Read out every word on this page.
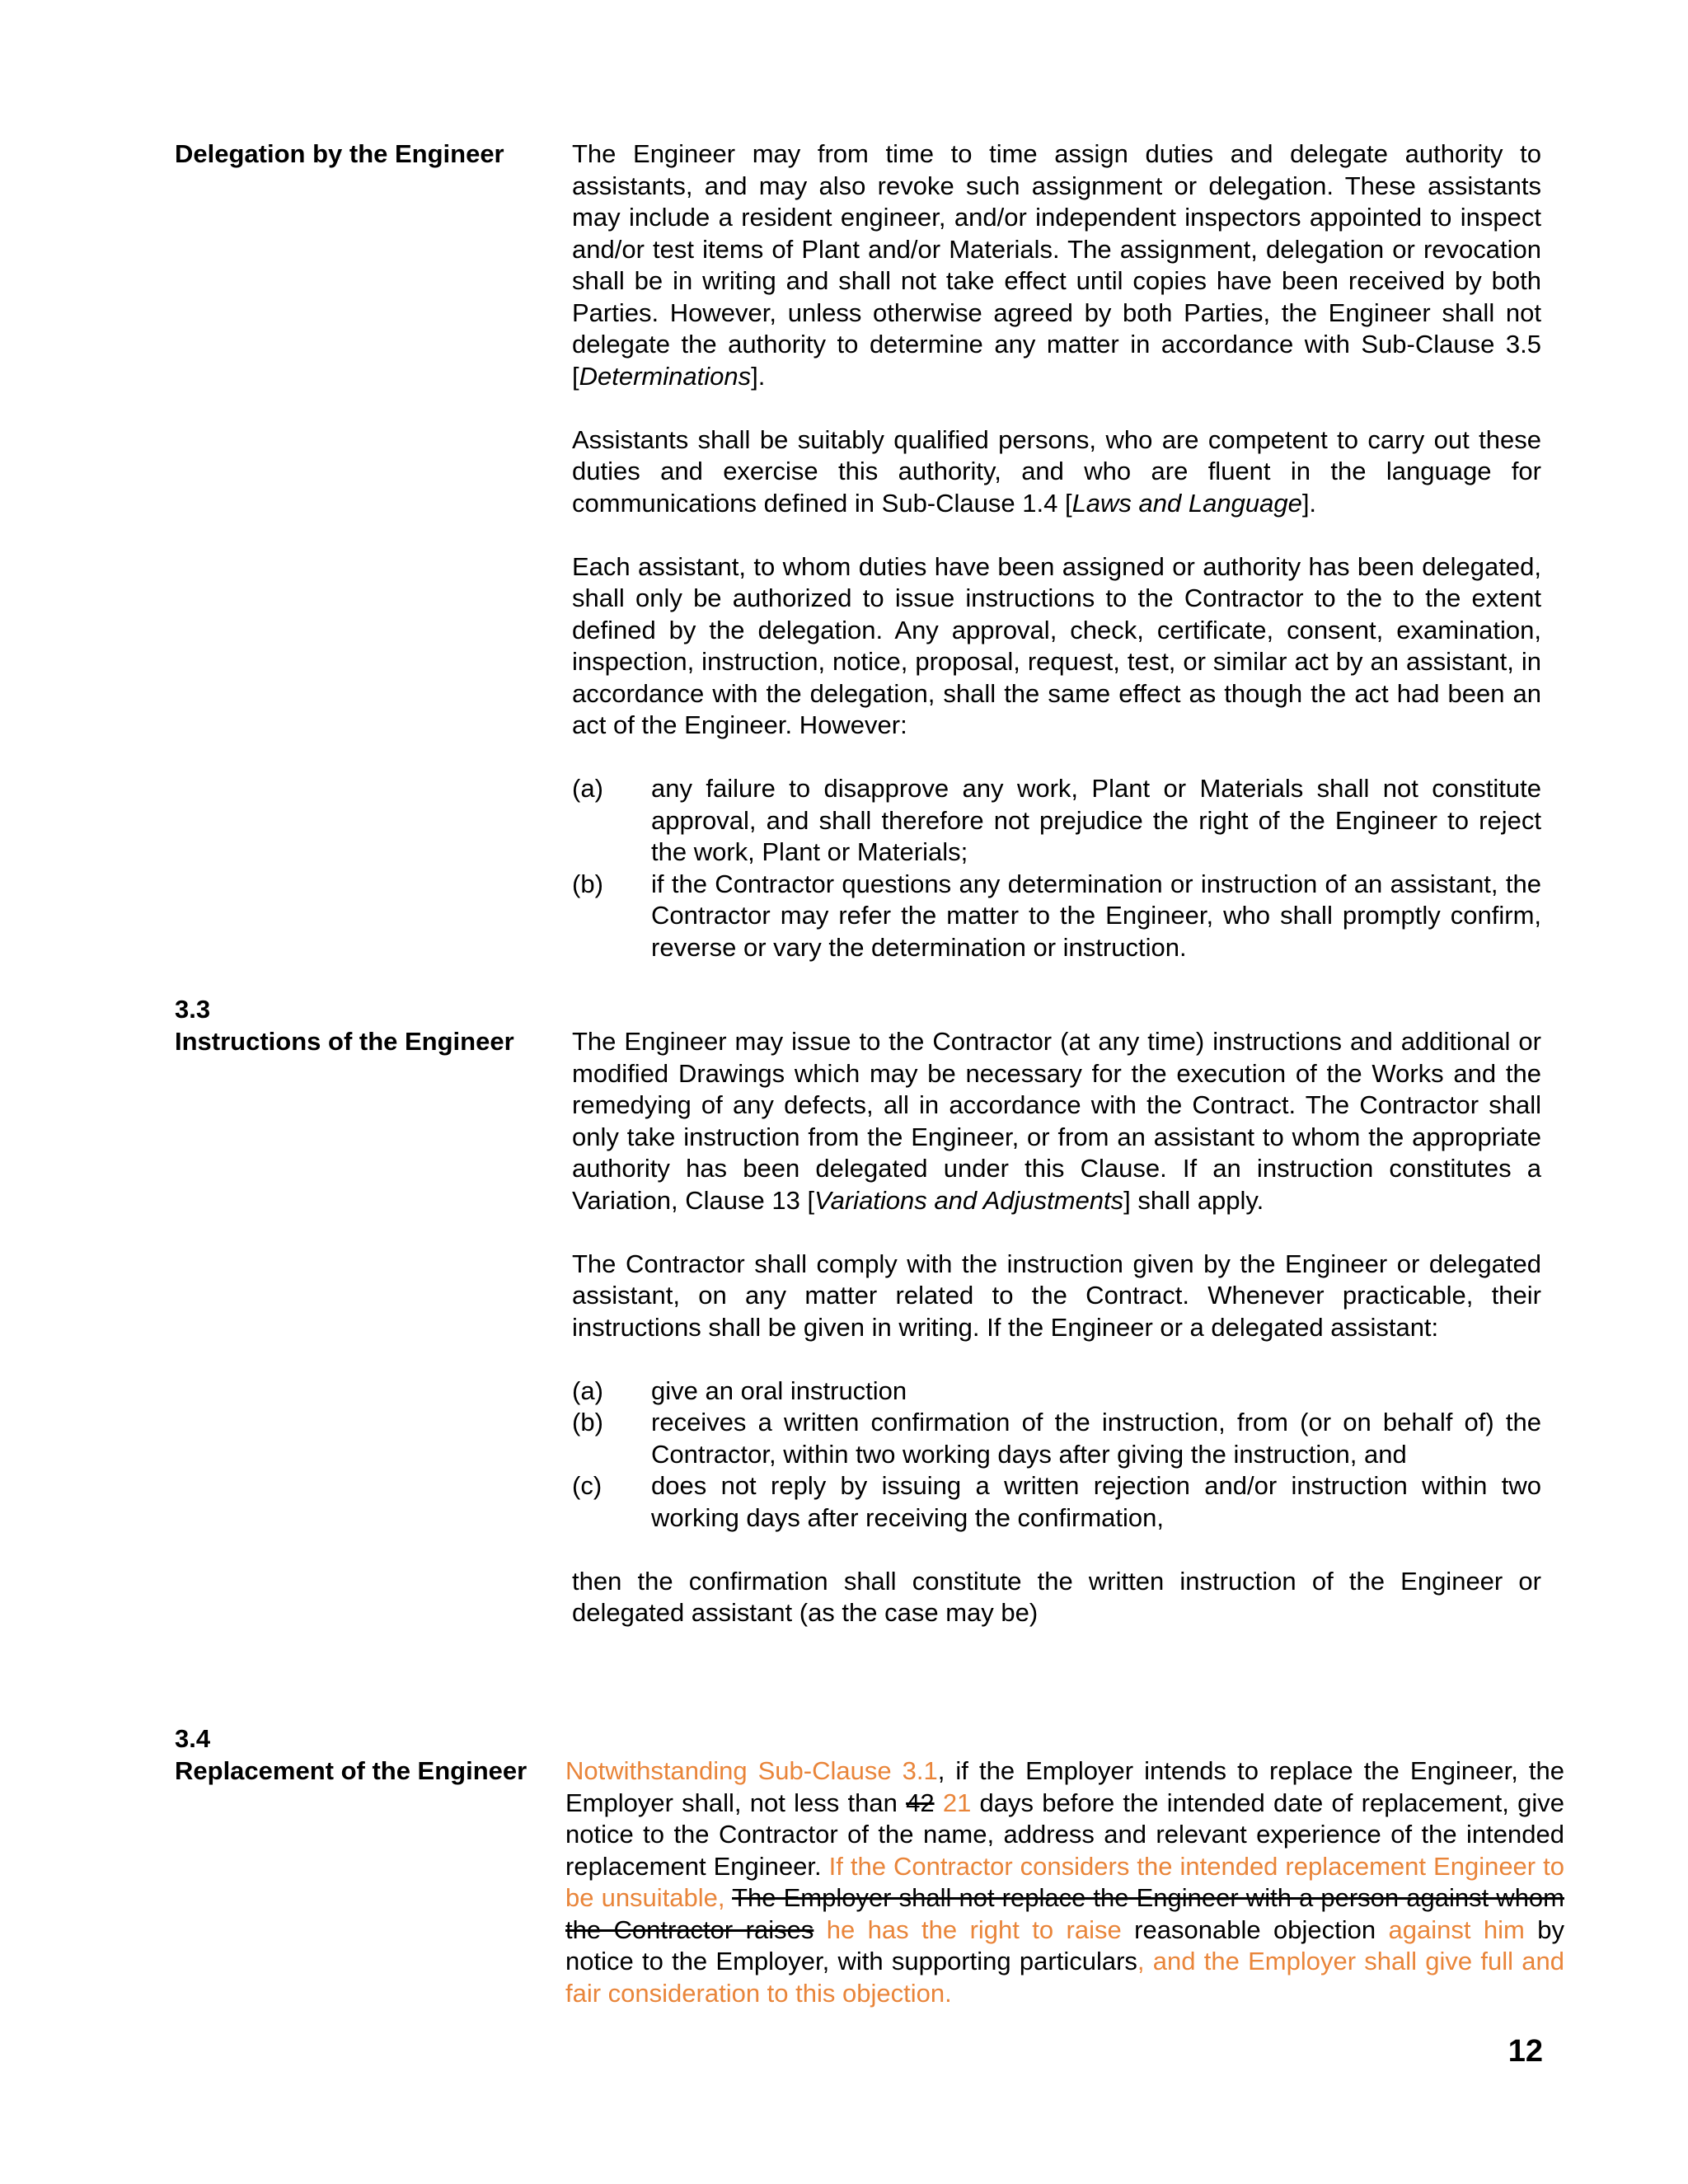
Delegation by the Engineer	The Engineer may from time to time assign duties and delegate authority to assistants, and may also revoke such assignment or delegation. These assistants may include a resident engineer, and/or independent inspectors appointed to inspect and/or test items of Plant and/or Materials. The assignment, delegation or revocation shall be in writing and shall not take effect until copies have been received by both Parties. However, unless otherwise agreed by both Parties, the Engineer shall not delegate the authority to determine any matter in accordance with Sub-Clause 3.5 [Determinations].

Assistants shall be suitably qualified persons, who are competent to carry out these duties and exercise this authority, and who are fluent in the language for communications defined in Sub-Clause 1.4 [Laws and Language].

Each assistant, to whom duties have been assigned or authority has been delegated, shall only be authorized to issue instructions to the Contractor to the to the extent defined by the delegation. Any approval, check, certificate, consent, examination, inspection, instruction, notice, proposal, request, test, or similar act by an assistant, in accordance with the delegation, shall the same effect as though the act had been an act of the Engineer. However:

(a)	any failure to disapprove any work, Plant or Materials shall not constitute approval, and shall therefore not prejudice the right of the Engineer to reject the work, Plant or Materials;
(b)	if the Contractor questions any determination or instruction of an assistant, the Contractor may refer the matter to the Engineer, who shall promptly confirm, reverse or vary the determination or instruction.
3.3
Instructions of the Engineer	The Engineer may issue to the Contractor (at any time) instructions and additional or modified Drawings which may be necessary for the execution of the Works and the remedying of any defects, all in accordance with the Contract. The Contractor shall only take instruction from the Engineer, or from an assistant to whom the appropriate authority has been delegated under this Clause. If an instruction constitutes a Variation, Clause 13 [Variations and Adjustments] shall apply.

The Contractor shall comply with the instruction given by the Engineer or delegated assistant, on any matter related to the Contract. Whenever practicable, their instructions shall be given in writing. If the Engineer or a delegated assistant:

(a)	give an oral instruction
(b)	receives a written confirmation of the instruction, from (or on behalf of) the Contractor, within two working days after giving the instruction, and
(c)	does not reply by issuing a written rejection and/or instruction within two working days after receiving the confirmation,

then the confirmation shall constitute the written instruction of the Engineer or delegated assistant (as the case may be)

3.4
Replacement of the Engineer	Notwithstanding Sub-Clause 3.1, if the Employer intends to replace the Engineer, the Employer shall, not less than 42 21 days before the intended date of replacement, give notice to the Contractor of the name, address and relevant experience of the intended replacement Engineer. If the Contractor considers the intended replacement Engineer to be unsuitable, The Employer shall not replace the Engineer with a person against whom the Contractor raises he has the right to raise reasonable objection against him by notice to the Employer, with supporting particulars, and the Employer shall give full and fair consideration to this objection.

12
